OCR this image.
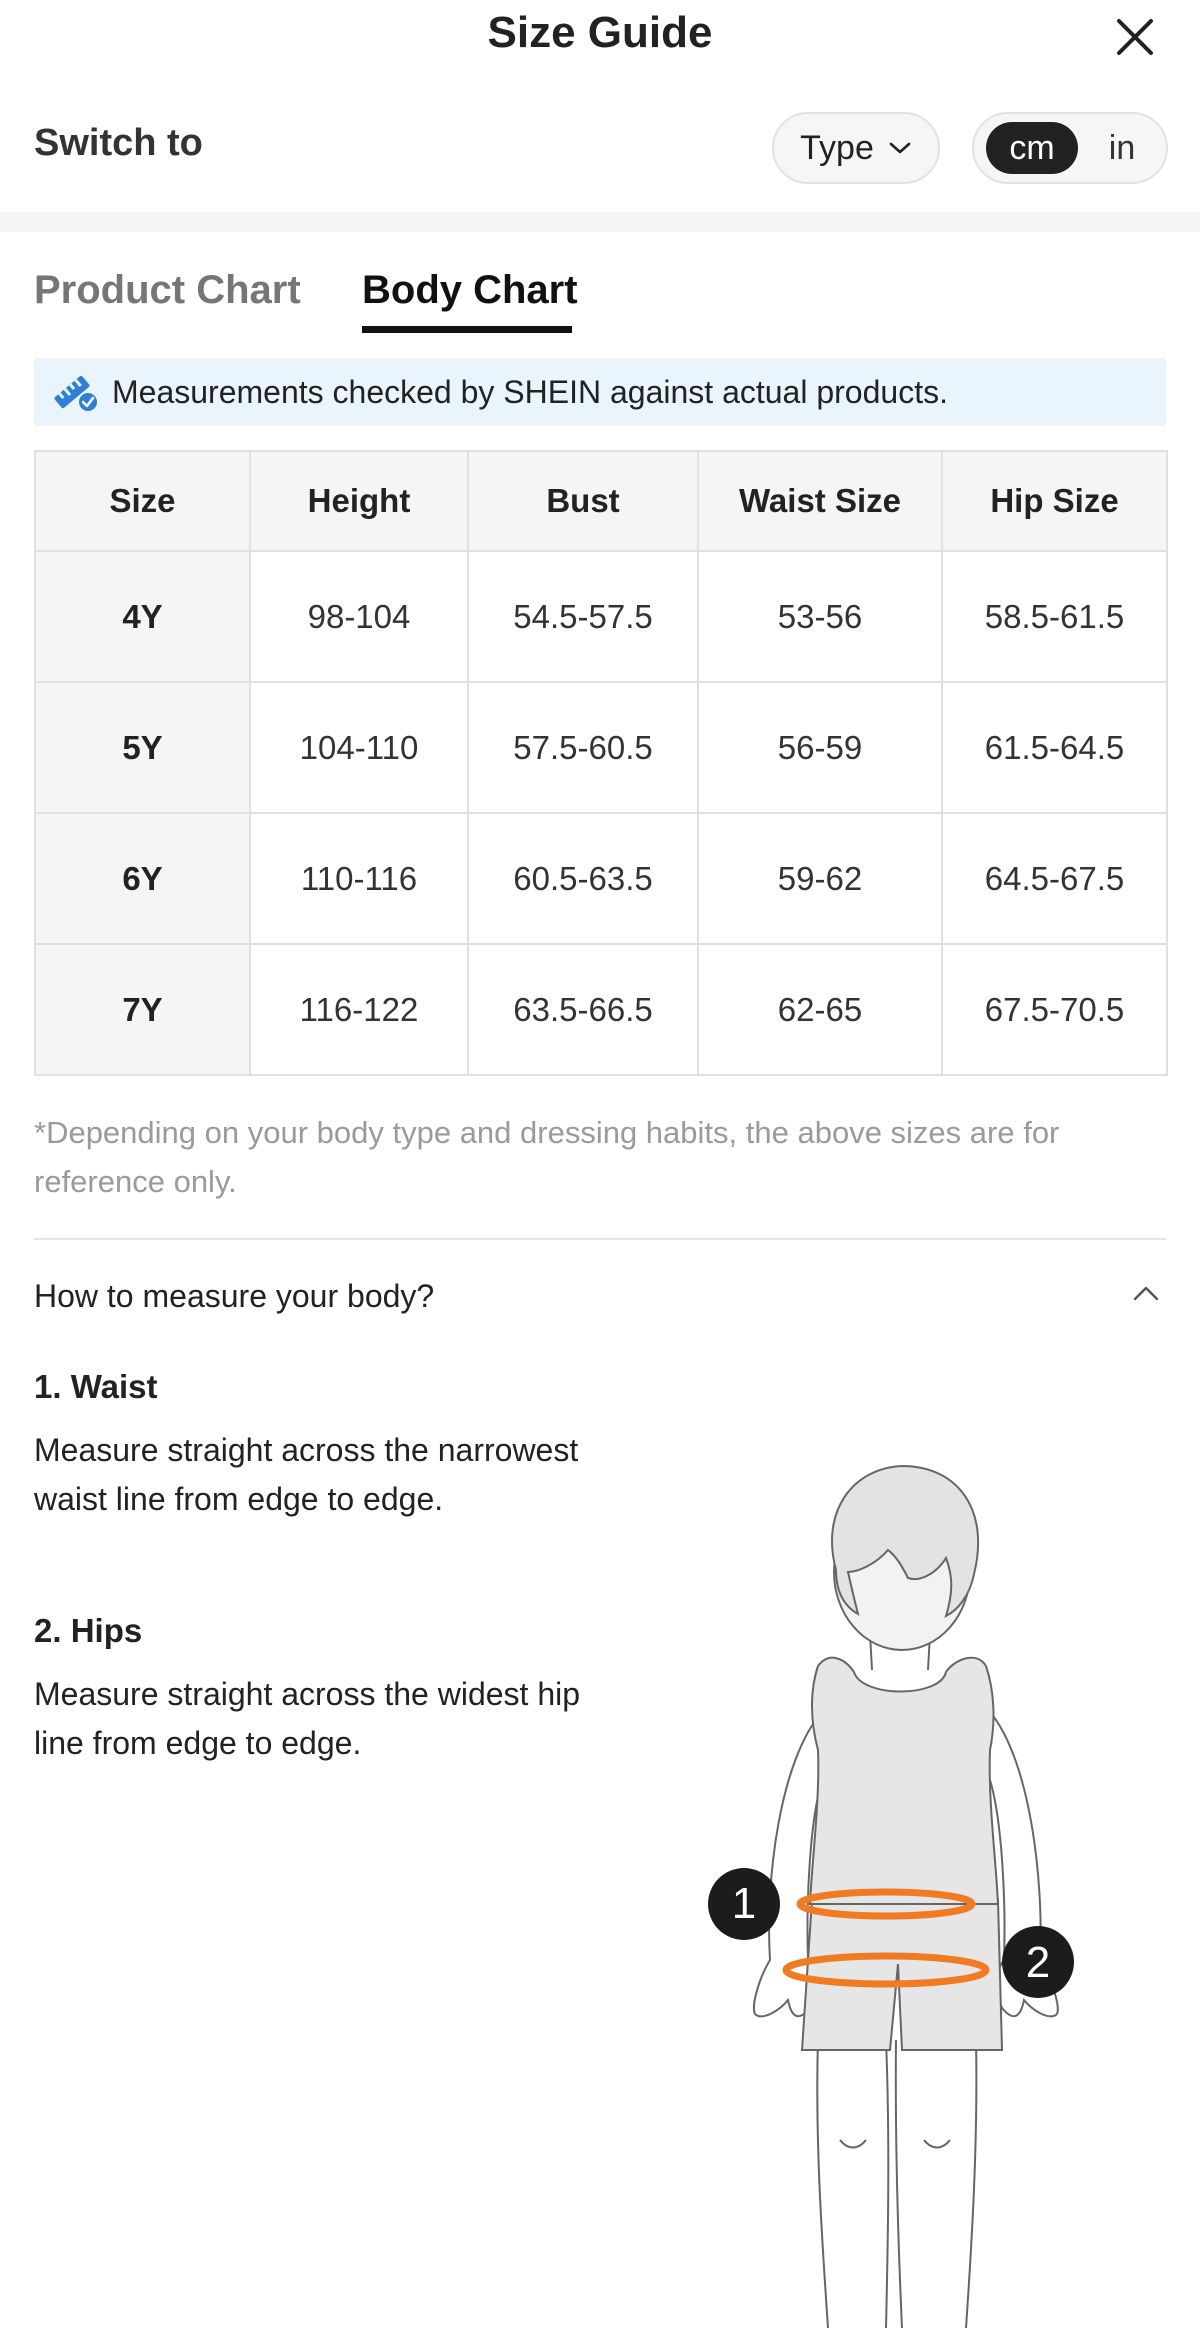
Size Guide
Switch to	Type	cm	in
Product Chart Body Chart
Measurements checked by SHEIN against actual products.
Size	Height	Bust	Waist Size	Hip Size
4Y	98-104	54.5-57.5	53-56	58.5-61.5
5Y	104-110	57.5-60.5	56-59	61.5-64.5
6Y	110-116	60.5-63.5	59-62	64.5-67.5
7Y	116-122	63.5-66.5	62-65	67.5-70.5
*Depending on your body type and dressing habits, the above sizes are for reference only.
How to measure your body?
1. Waist
Measure straight across the narrowest waist line from edge to edge.
2. Hips
Measure straight across the widest hip line from edge to edge.
1
2
